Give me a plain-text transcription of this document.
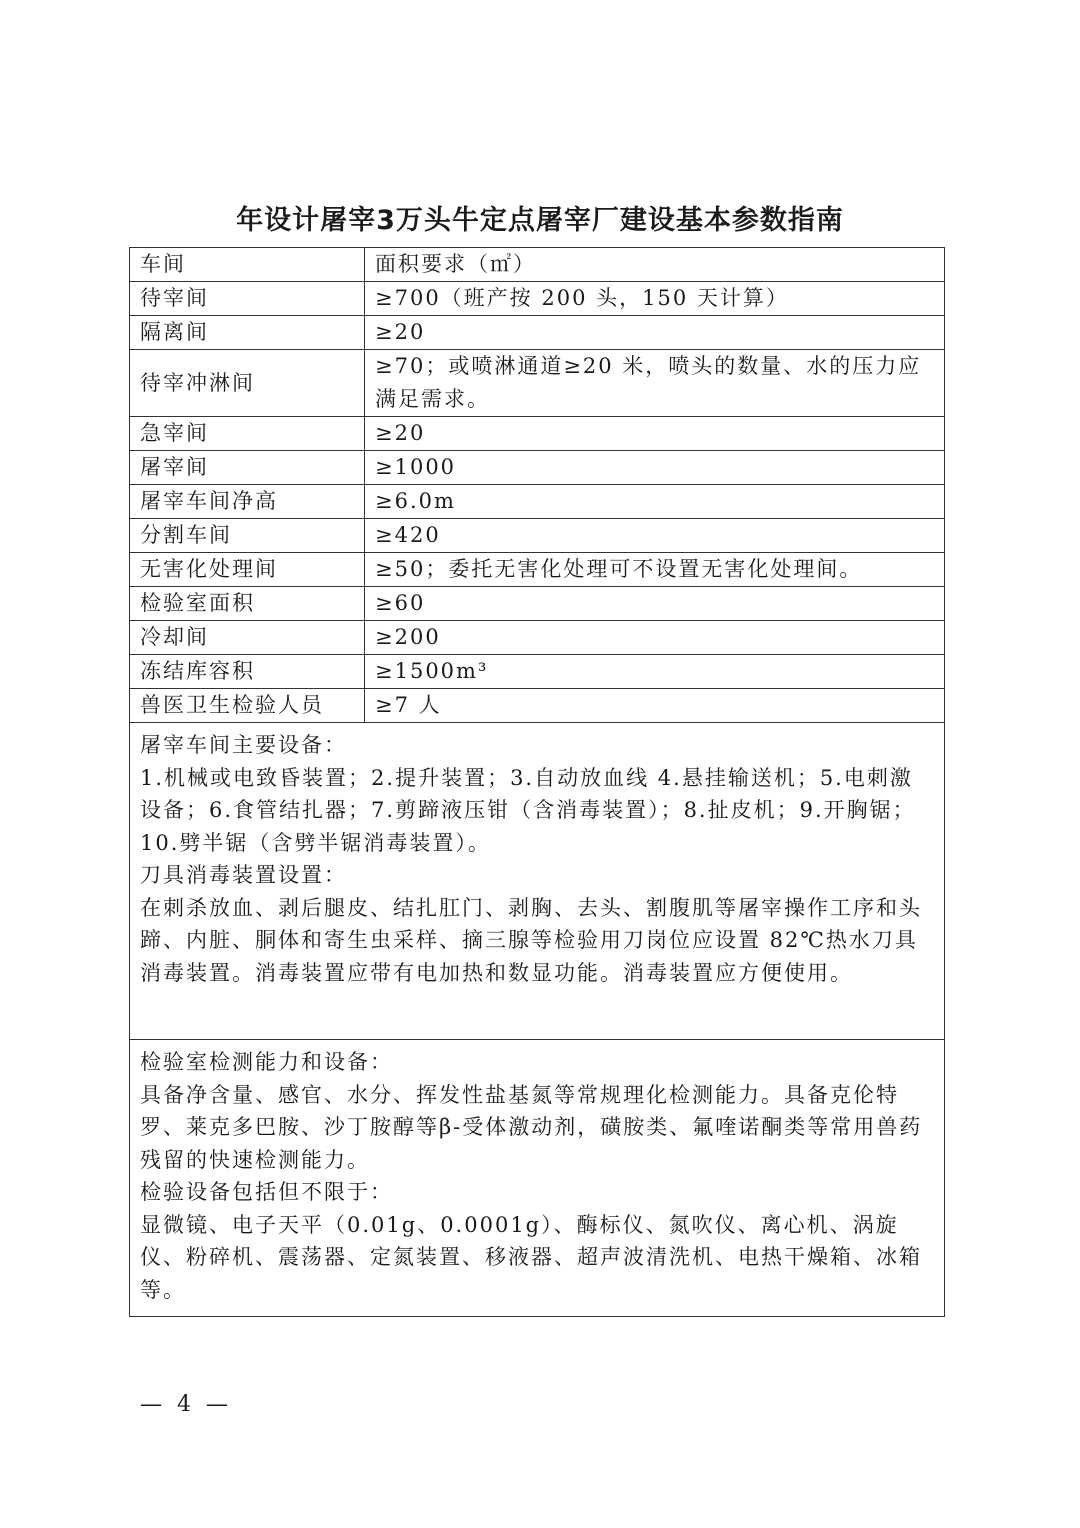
年设计屠宰3万头牛定点屠宰厂建设基本参数指南
车间	面积要求（㎡）
待宰间	≥700（班产按 200 头，150 天计算）
隔离间	≥20
待宰冲淋间	≥70；或喷淋通道≥20 米，喷头的数量、水的压力应满足需求。
急宰间	≥20
屠宰间	≥1000
屠宰车间净高	≥6.0m
分割车间	≥420
无害化处理间	≥50；委托无害化处理可不设置无害化处理间。
检验室面积	≥60
冷却间	≥200
冻结库容积	≥1500m³
兽医卫生检验人员	≥7 人

屠宰车间主要设备：

1.机械或电致昏装置；2.提升装置；3.自动放血线 4.悬挂输送机；5.电刺激设备；6.食管结扎器；7.剪蹄液压钳（含消毒装置）；8.扯皮机；9.开胸锯；10.劈半锯（含劈半锯消毒装置）。

刀具消毒装置设置：

在刺杀放血、剥后腿皮、结扎肛门、剥胸、去头、割腹肌等屠宰操作工序和头蹄、内脏、胴体和寄生虫采样、摘三腺等检验用刀岗位应设置 82℃热水刀具消毒装置。消毒装置应带有电加热和数显功能。消毒装置应方便使用。	

检验室检测能力和设备：

具备净含量、感官、水分、挥发性盐基氮等常规理化检测能力。具备克伦特罗、莱克多巴胺、沙丁胺醇等β-受体激动剂，磺胺类、氟喹诺酮类等常用兽药残留的快速检测能力。

检验设备包括但不限于：

显微镜、电子天平（0.01g、0.0001g）、酶标仪、氮吹仪、离心机、涡旋仪、粉碎机、震荡器、定氮装置、移液器、超声波清洗机、电热干燥箱、冰箱等。	

— 4 —
